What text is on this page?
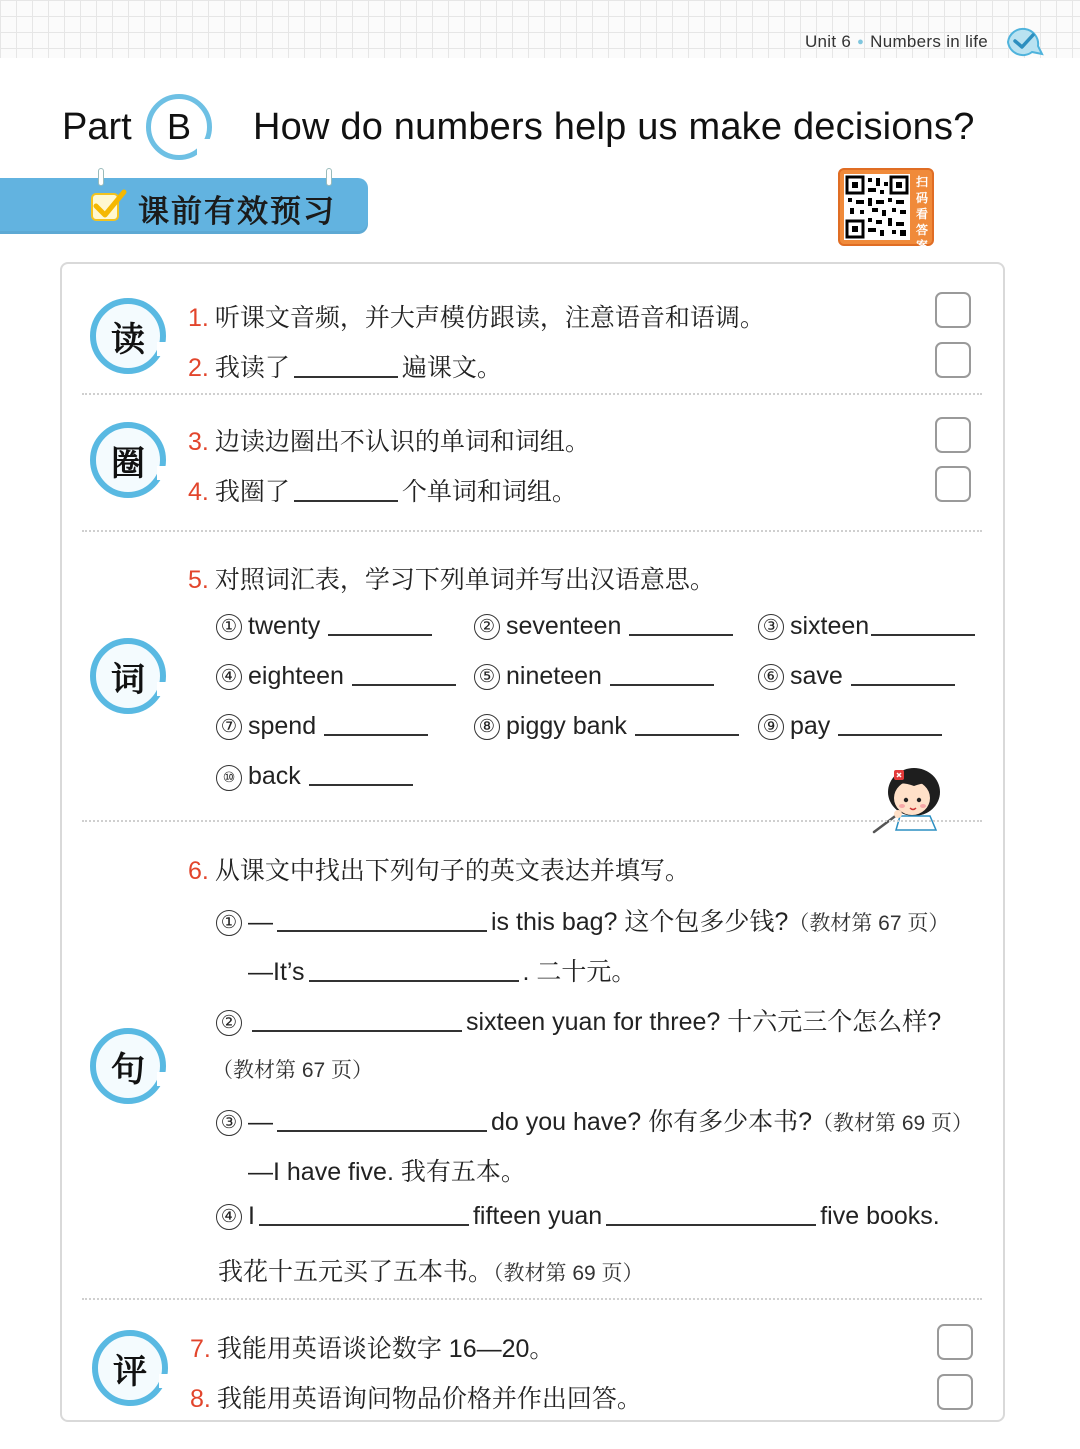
Unit 6 ● Numbers in life
Part B How do numbers help us make decisions?
课前有效预习
扫码看答案
读
1. 听课文音频，并大声模仿跟读，注意语音和语调。
2. 我读了	遍课文。
圈
3. 边读边圈出不认识的单词和词组。
4. 我圈了	个单词和词组。
词
5. 对照词汇表，学习下列单词并写出汉语意思。
① twenty	② seventeen	③ sixteen
④ eighteen	⑤ nineteen	⑥ save
⑦ spend	⑧ piggy bank	⑨ pay
⑩ back
句
6. 从课文中找出下列句子的英文表达并填写。
① —	is this bag? 这个包多少钱?（教材第 67 页）
—It’s	. 二十元。
②	sixteen yuan for three? 十六元三个怎么样?
（教材第 67 页）
③ —	do you have? 你有多少本书?（教材第 69 页）
—I have five. 我有五本。
④ I	fifteen yuan	five books.
我花十五元买了五本书。（教材第 69 页）
评
7. 我能用英语谈论数字 16—20。
8. 我能用英语询问物品价格并作出回答。
